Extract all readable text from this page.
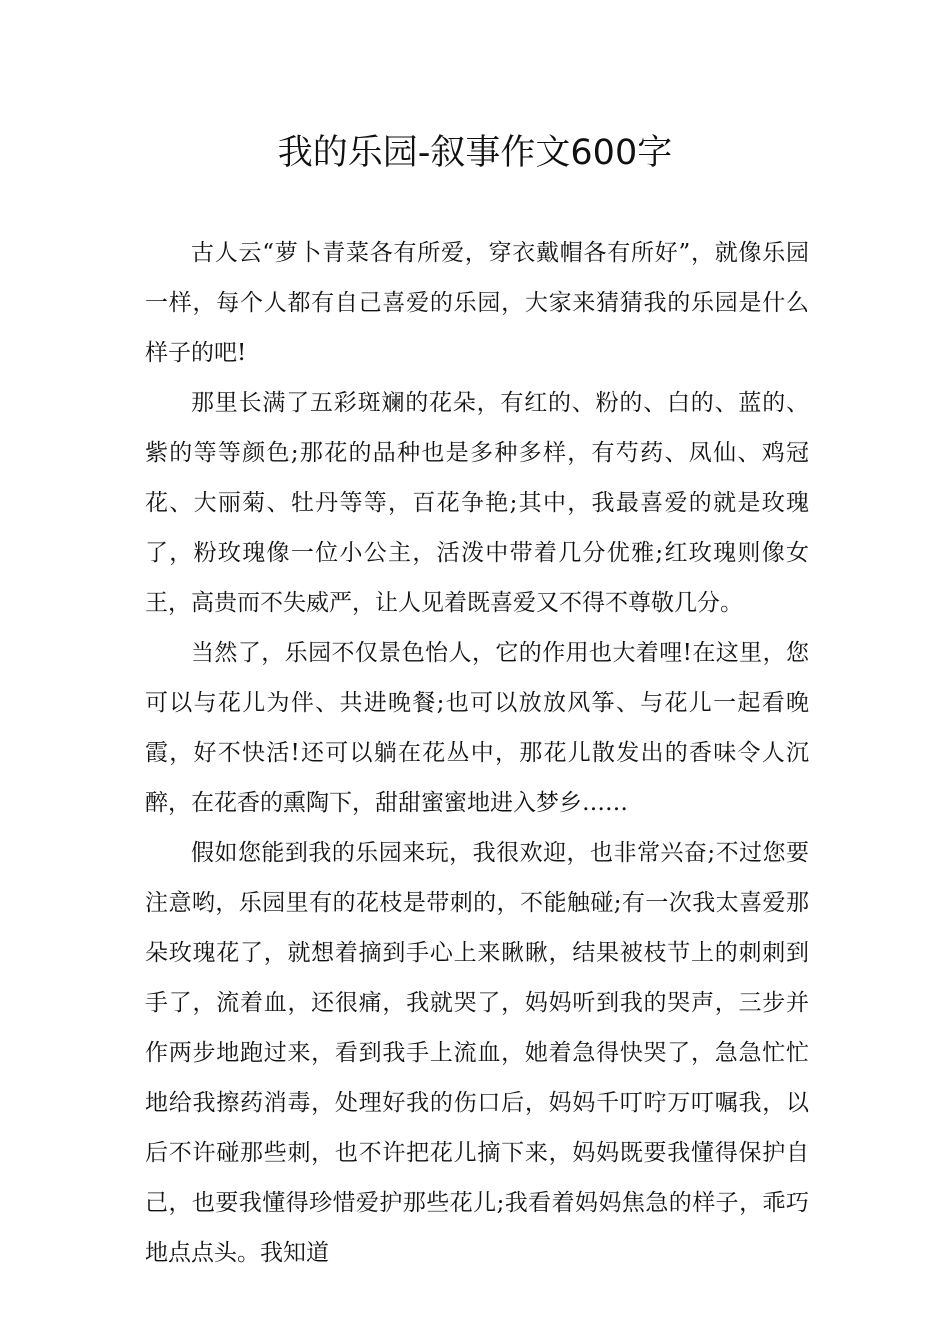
我的乐园-叙事作文600字

古人云“萝卜青菜各有所爱，穿衣戴帽各有所好”，就像乐园一样，每个人都有自己喜爱的乐园，大家来猜猜我的乐园是什么样子的吧!

那里长满了五彩斑斓的花朵，有红的、粉的、白的、蓝的、紫的等等颜色;那花的品种也是多种多样，有芍药、凤仙、鸡冠花、大丽菊、牡丹等等，百花争艳;其中，我最喜爱的就是玫瑰了，粉玫瑰像一位小公主，活泼中带着几分优雅;红玫瑰则像女王，高贵而不失威严，让人见着既喜爱又不得不尊敬几分。

当然了，乐园不仅景色怡人，它的作用也大着哩!在这里，您可以与花儿为伴、共进晚餐;也可以放放风筝、与花儿一起看晚霞，好不快活!还可以躺在花丛中，那花儿散发出的香味令人沉醉，在花香的熏陶下，甜甜蜜蜜地进入梦乡……

假如您能到我的乐园来玩，我很欢迎，也非常兴奋;不过您要注意哟，乐园里有的花枝是带刺的，不能触碰;有一次我太喜爱那朵玫瑰花了，就想着摘到手心上来瞅瞅，结果被枝节上的刺刺到手了，流着血，还很痛，我就哭了，妈妈听到我的哭声，三步并作两步地跑过来，看到我手上流血，她着急得快哭了，急急忙忙地给我擦药消毒，处理好我的伤口后，妈妈千叮咛万叮嘱我，以后不许碰那些刺，也不许把花儿摘下来，妈妈既要我懂得保护自己，也要我懂得珍惜爱护那些花儿;我看着妈妈焦急的样子，乖巧地点点头。我知道
